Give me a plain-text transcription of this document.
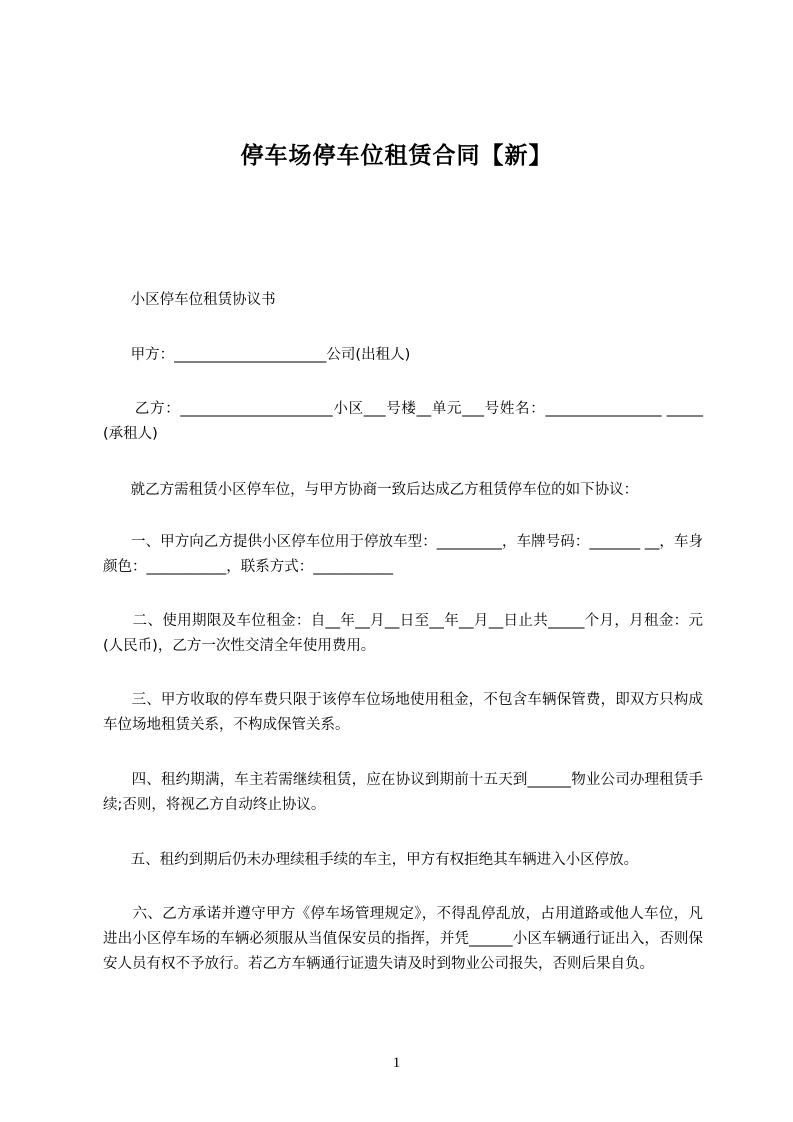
停车场停车位租赁合同【新】
小区停车位租赁协议书
甲方：_____________________公司(出租人)
乙方：_____________________小区___号楼__单元___号姓名：________________ _____(承租人)
就乙方需租赁小区停车位，与甲方协商一致后达成乙方租赁停车位的如下协议：
一、甲方向乙方提供小区停车位用于停放车型：_________，车牌号码：_______ __，车身颜色：___________，联系方式：___________
二、使用期限及车位租金：自__年__月__日至__年__月__日止共_____个月，月租金：元(人民币)，乙方一次性交清全年使用费用。
三、甲方收取的停车费只限于该停车位场地使用租金，不包含车辆保管费，即双方只构成车位场地租赁关系，不构成保管关系。
四、租约期满，车主若需继续租赁，应在协议到期前十五天到______物业公司办理租赁手续;否则，将视乙方自动终止协议。
五、租约到期后仍未办理续租手续的车主，甲方有权拒绝其车辆进入小区停放。
六、乙方承诺并遵守甲方《停车场管理规定》，不得乱停乱放，占用道路或他人车位，凡进出小区停车场的车辆必须服从当值保安员的指挥，并凭______小区车辆通行证出入，否则保安人员有权不予放行。若乙方车辆通行证遗失请及时到物业公司报失，否则后果自负。
1
